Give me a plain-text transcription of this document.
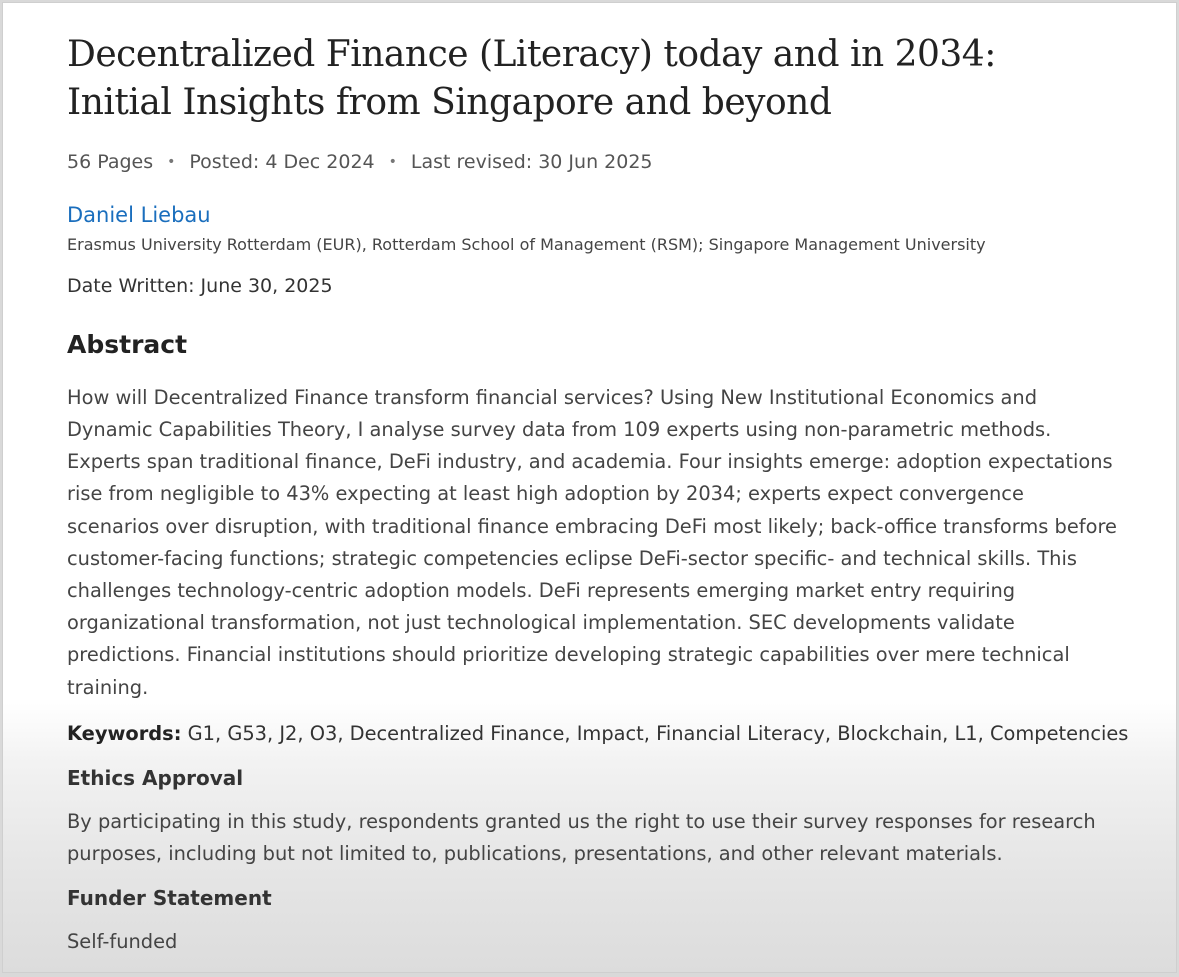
Decentralized Finance (Literacy) today and in 2034:
Initial Insights from Singapore and beyond
56 Pages • Posted: 4 Dec 2024 • Last revised: 30 Jun 2025
Daniel Liebau
Erasmus University Rotterdam (EUR), Rotterdam School of Management (RSM); Singapore Management University
Date Written: June 30, 2025
Abstract
How will Decentralized Finance transform financial services? Using New Institutional Economics and Dynamic Capabilities Theory, I analyse survey data from 109 experts using non-parametric methods. Experts span traditional finance, DeFi industry, and academia. Four insights emerge: adoption expectations rise from negligible to 43% expecting at least high adoption by 2034; experts expect convergence scenarios over disruption, with traditional finance embracing DeFi most likely; back-office transforms before customer-facing functions; strategic competencies eclipse DeFi-sector specific- and technical skills. This challenges technology-centric adoption models. DeFi represents emerging market entry requiring organizational transformation, not just technological implementation. SEC developments validate predictions. Financial institutions should prioritize developing strategic capabilities over mere technical training.
Keywords: G1, G53, J2, O3, Decentralized Finance, Impact, Financial Literacy, Blockchain, L1, Competencies
Ethics Approval
By participating in this study, respondents granted us the right to use their survey responses for research purposes, including but not limited to, publications, presentations, and other relevant materials.
Funder Statement
Self-funded
